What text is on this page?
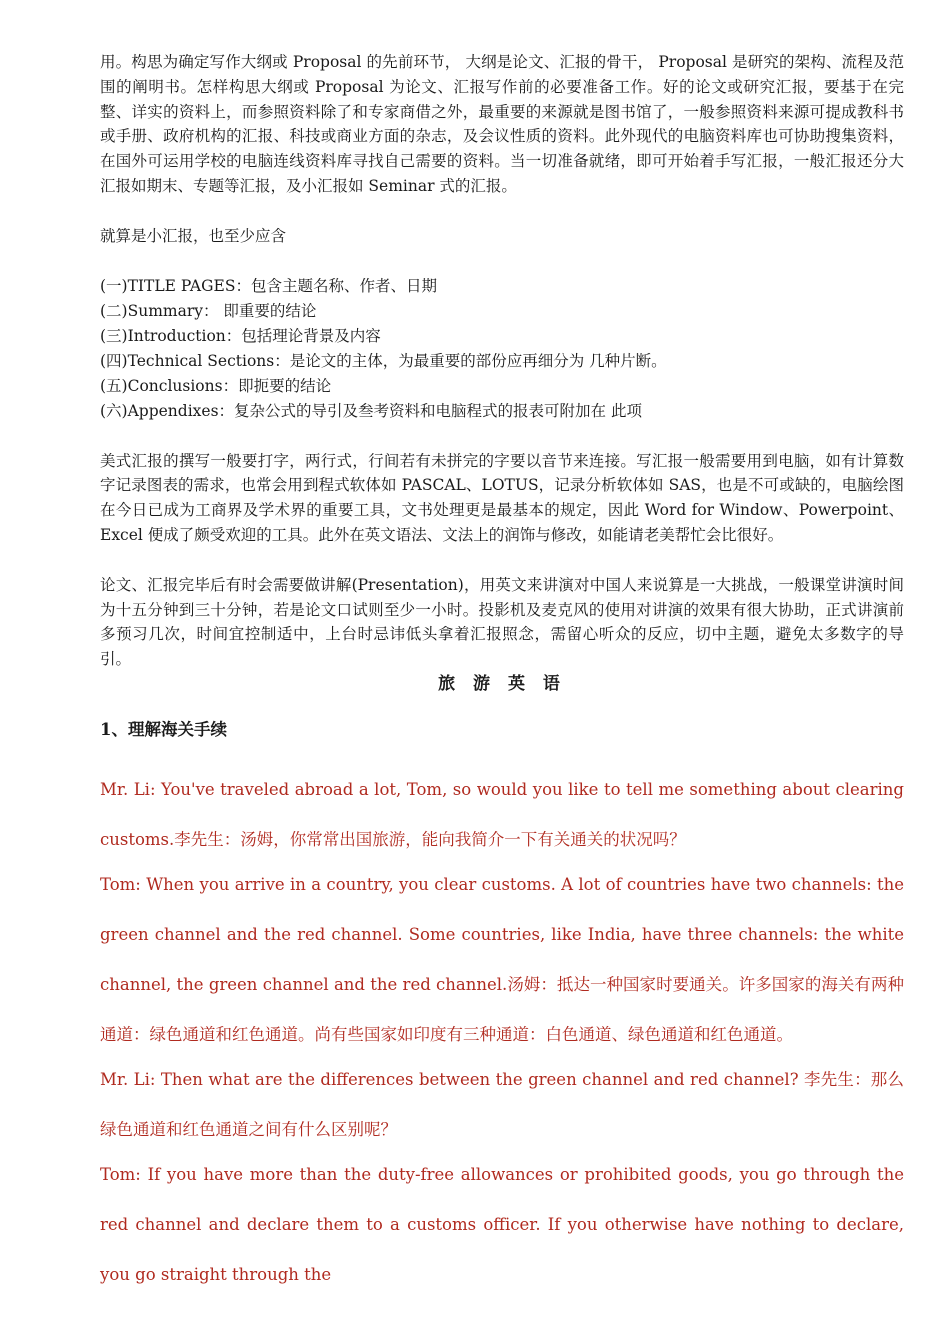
用。构思为确定写作大纲或 Proposal 的先前环节， 大纲是论文、汇报的骨干， Proposal 是研究的架构、流程及范围的阐明书。怎样构思大纲或 Proposal 为论文、汇报写作前的必要准备工作。好的论文或研究汇报，要基于在完整、详实的资料上，而参照资料除了和专家商借之外，最重要的来源就是图书馆了，一般参照资料来源可提成教科书或手册、政府机构的汇报、科技或商业方面的杂志，及会议性质的资料。此外现代的电脑资料库也可协助搜集资料，在国外可运用学校的电脑连线资料库寻找自己需要的资料。当一切准备就绪，即可开始着手写汇报，一般汇报还分大汇报如期末、专题等汇报，及小汇报如 Seminar 式的汇报。

就算是小汇报，也至少应含

(一)TITLE PAGES：包含主题名称、作者、日期

(二)Summary： 即重要的结论

(三)Introduction：包括理论背景及内容

(四)Technical Sections：是论文的主体，为最重要的部份应再细分为 几种片断。

(五)Conclusions：即扼要的结论

(六)Appendixes：复杂公式的导引及叁考资料和电脑程式的报表可附加在 此项

美式汇报的撰写一般要打字，两行式，行间若有未拼完的字要以音节来连接。写汇报一般需要用到电脑，如有计算数字记录图表的需求，也常会用到程式软体如 PASCAL、LOTUS，记录分析软体如 SAS，也是不可或缺的，电脑绘图在今日已成为工商界及学术界的重要工具，文书处理更是最基本的规定，因此 Word for Window、Powerpoint、Excel 便成了颇受欢迎的工具。此外在英文语法、文法上的润饰与修改，如能请老美帮忙会比很好。

论文、汇报完毕后有时会需要做讲解(Presentation)，用英文来讲演对中国人来说算是一大挑战，一般课堂讲演时间为十五分钟到三十分钟，若是论文口试则至少一小时。投影机及麦克风的使用对讲演的效果有很大协助，正式讲演前多预习几次，时间宜控制适中，上台时忌讳低头拿着汇报照念，需留心听众的反应，切中主题，避免太多数字的导引。

旅 游 英 语
1、理解海关手续

Mr. Li: You've traveled abroad a lot, Tom, so would you like to tell me something about clearing customs.李先生：汤姆，你常常出国旅游，能向我简介一下有关通关的状况吗？

Tom: When you arrive in a country, you clear customs. A lot of countries have two channels: the green channel and the red channel. Some countries, like India, have three channels: the white channel, the green channel and the red channel.汤姆：抵达一种国家时要通关。许多国家的海关有两种通道：绿色通道和红色通道。尚有些国家如印度有三种通道：白色通道、绿色通道和红色通道。

Mr. Li: Then what are the differences between the green channel and red channel? 李先生：那么绿色通道和红色通道之间有什么区别呢？

Tom: If you have more than the duty-free allowances or prohibited goods, you go through the red channel and declare them to a customs officer. If you otherwise have nothing to declare, you go straight through the
